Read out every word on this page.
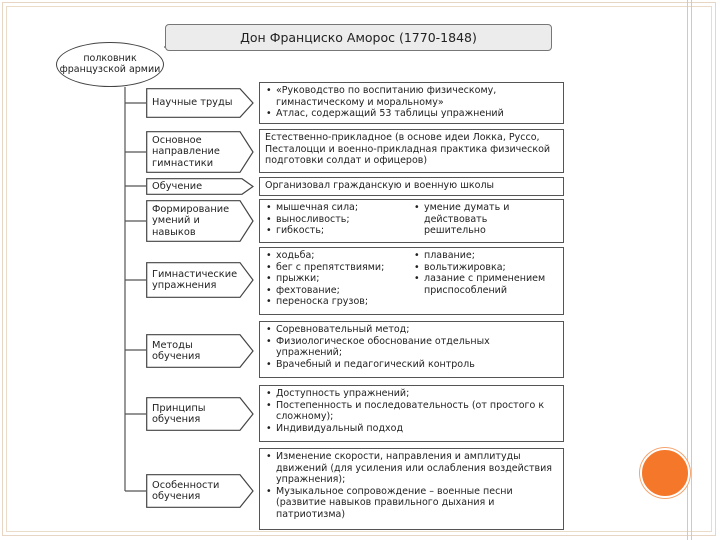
Дон Франциско Аморос (1770-1848)
полковник французской армии
Научные труды
• «Руководство по воспитанию физическому, гимнастическому и моральному»
• Атлас, содержащий 53 таблицы упражнений
Основное направление гимнастики
Естественно-прикладное (в основе идеи Локка, Руссо, Песталоцци и военно-прикладная практика физической подготовки солдат и офицеров)
Обучение	Организовал гражданскую и военную школы
Формирование умений и навыков
• мышечная сила;
• выносливость;
• гибкость;
• умение думать и действовать решительно
Гимнастические упражнения
• ходьба;
• бег с препятствиями;
• прыжки;
• фехтование;
• переноска грузов;
• плавание;
• вольтижировка;
• лазание с применением приспособлений
Методы обучения
• Соревновательный метод;
• Физиологическое обоснование отдельных упражнений;
• Врачебный и педагогический контроль
Принципы обучения
• Доступность упражнений;
• Постепенность и последовательность (от простого к сложному);
• Индивидуальный подход
Особенности обучения
• Изменение скорости, направления и амплитуды движений (для усиления или ослабления воздействия упражнения);
• Музыкальное сопровождение – военные песни (развитие навыков правильного дыхания и патриотизма)
